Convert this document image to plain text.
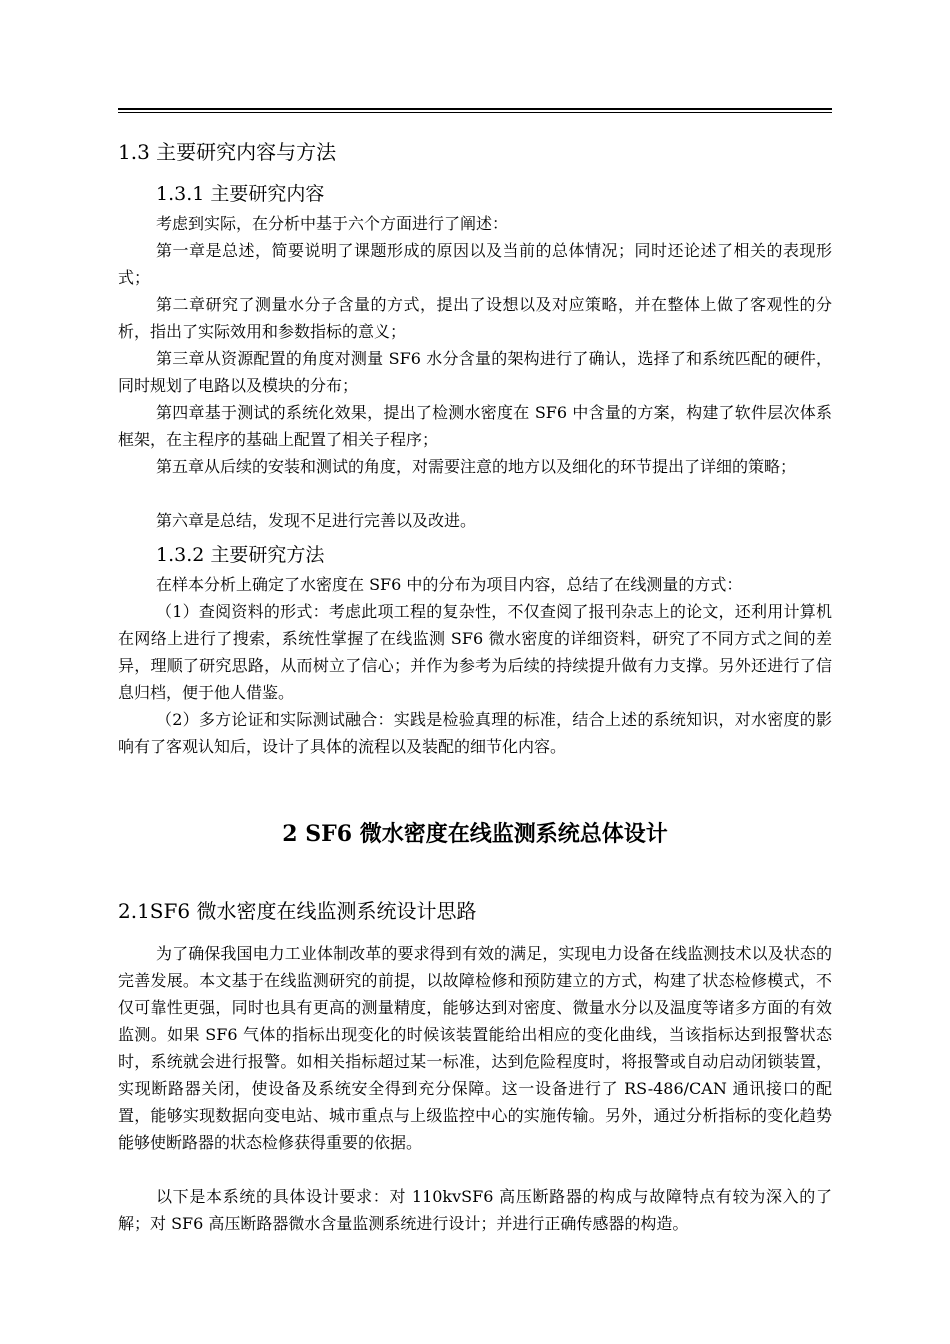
1.3 主要研究内容与方法
1.3.1 主要研究内容

考虑到实际，在分析中基于六个方面进行了阐述：

第一章是总述，简要说明了课题形成的原因以及当前的总体情况；同时还论述了相关的表现形式；

第二章研究了测量水分子含量的方式，提出了设想以及对应策略，并在整体上做了客观性的分析，指出了实际效用和参数指标的意义；

第三章从资源配置的角度对测量 SF6 水分含量的架构进行了确认，选择了和系统匹配的硬件，同时规划了电路以及模块的分布；

第四章基于测试的系统化效果，提出了检测水密度在 SF6 中含量的方案，构建了软件层次体系框架，在主程序的基础上配置了相关子程序；

第五章从后续的安装和测试的角度，对需要注意的地方以及细化的环节提出了详细的策略；

第六章是总结，发现不足进行完善以及改进。

1.3.2 主要研究方法

在样本分析上确定了水密度在 SF6 中的分布为项目内容，总结了在线测量的方式：

（1）查阅资料的形式：考虑此项工程的复杂性，不仅查阅了报刊杂志上的论文，还利用计算机在网络上进行了搜索，系统性掌握了在线监测 SF6 微水密度的详细资料，研究了不同方式之间的差异，理顺了研究思路，从而树立了信心；并作为参考为后续的持续提升做有力支撑。另外还进行了信息归档，便于他人借鉴。

（2）多方论证和实际测试融合：实践是检验真理的标准，结合上述的系统知识，对水密度的影响有了客观认知后，设计了具体的流程以及装配的细节化内容。

2 SF6 微水密度在线监测系统总体设计
2.1SF6 微水密度在线监测系统设计思路

为了确保我国电力工业体制改革的要求得到有效的满足，实现电力设备在线监测技术以及状态的完善发展。本文基于在线监测研究的前提，以故障检修和预防建立的方式，构建了状态检修模式，不仅可靠性更强，同时也具有更高的测量精度，能够达到对密度、微量水分以及温度等诸多方面的有效监测。如果 SF6 气体的指标出现变化的时候该装置能给出相应的变化曲线，当该指标达到报警状态时，系统就会进行报警。如相关指标超过某一标准，达到危险程度时，将报警或自动启动闭锁装置，实现断路器关闭，使设备及系统安全得到充分保障。这一设备进行了 RS-486/CAN 通讯接口的配置，能够实现数据向变电站、城市重点与上级监控中心的实施传输。另外，通过分析指标的变化趋势能够使断路器的状态检修获得重要的依据。

以下是本系统的具体设计要求：对 110kvSF6 高压断路器的构成与故障特点有较为深入的了解；对 SF6 高压断路器微水含量监测系统进行设计；并进行正确传感器的构造。
